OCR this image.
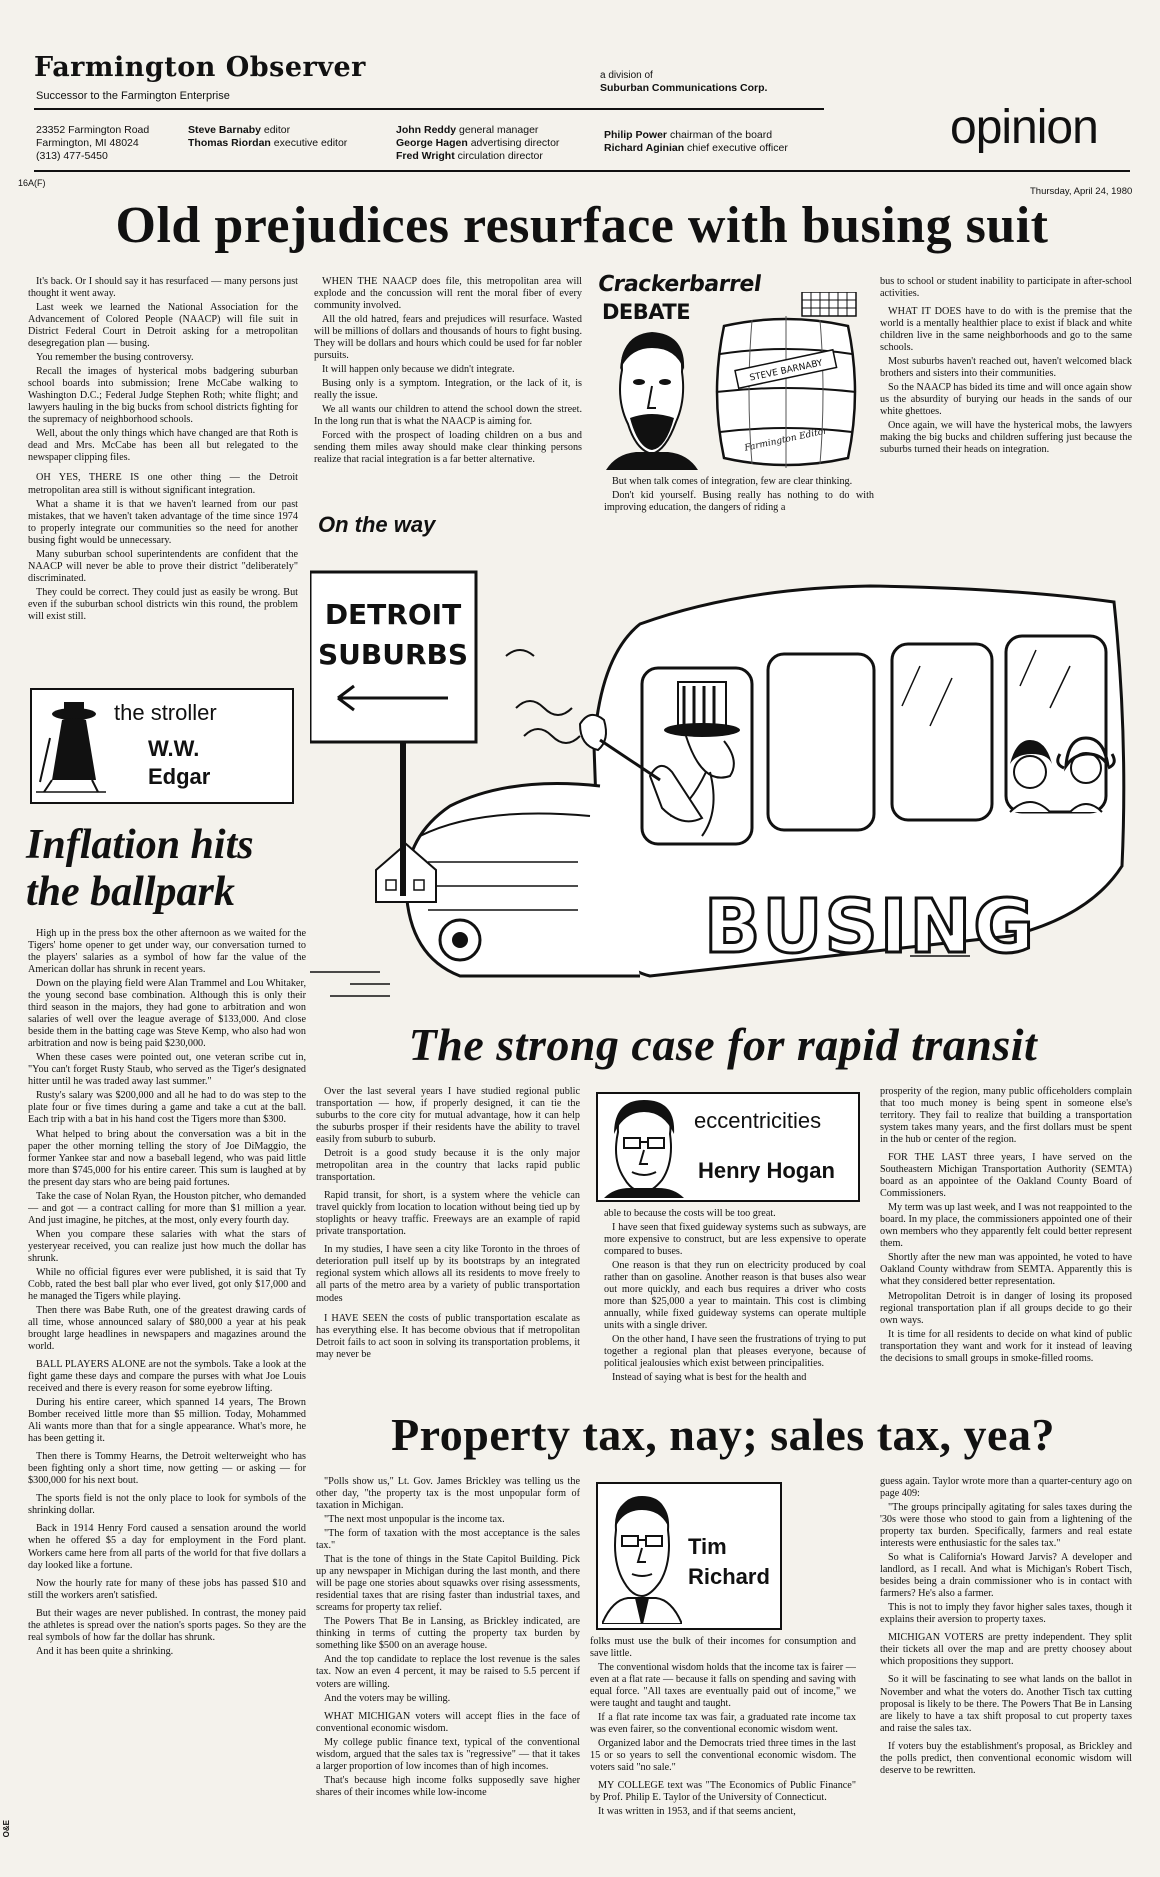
Farmington Observer
Successor to the Farmington Enterprise
a division of
Suburban Communications Corp.
23352 Farmington Road
Farmington, MI 48024
(313) 477-5450
Steve Barnaby editor
Thomas Riordan executive editor
John Reddy general manager
George Hagen advertising director
Fred Wright circulation director
Philip Power chairman of the board
Richard Aginian chief executive officer	opinion
16A(F)
Thursday, April 24, 1980
Old prejudices resurface with busing suit

It's back. Or I should say it has resurfaced — many persons just thought it went away.

Last week we learned the National Association for the Advancement of Colored People (NAACP) will file suit in District Federal Court in Detroit asking for a metropolitan desegregation plan — busing.

You remember the busing controversy.

Recall the images of hysterical mobs badgering suburban school boards into submission; Irene McCabe walking to Washington D.C.; Federal Judge Stephen Roth; white flight; and lawyers hauling in the big bucks from school districts fighting for the supremacy of neighborhood schools.

Well, about the only things which have changed are that Roth is dead and Mrs. McCabe has been all but relegated to the newspaper clipping files.

OH YES, THERE IS one other thing — the Detroit metropolitan area still is without significant integration.

What a shame it is that we haven't learned from our past mistakes, that we haven't taken advantage of the time since 1974 to properly integrate our communities so the need for another busing fight would be unnecessary.

Many suburban school superintendents are confident that the NAACP will never be able to prove their district "deliberately" discriminated.

They could be correct. They could just as easily be wrong. But even if the suburban school districts win this round, the problem will exist still.

WHEN THE NAACP does file, this metropolitan area will explode and the concussion will rent the moral fiber of every community involved.

All the old hatred, fears and prejudices will resurface. Wasted will be millions of dollars and thousands of hours to fight busing. They will be dollars and hours which could be used for far nobler pursuits.

It will happen only because we didn't integrate.

Busing only is a symptom. Integration, or the lack of it, is really the issue.

We all wants our children to attend the school down the street. In the long run that is what the NAACP is aiming for.

Forced with the prospect of loading children on a bus and sending them miles away should make clear thinking persons realize that racial integration is a far better alternative.

Crackerbarrel
DEBATE
STEVE BARNABY
Farmington Editor

But when talk comes of integration, few are clear thinking.

Don't kid yourself. Busing really has nothing to do with improving education, the dangers of riding a

bus to school or student inability to participate in after-school activities.

WHAT IT DOES have to do with is the premise that the world is a mentally healthier place to exist if black and white children live in the same neighborhoods and go to the same schools.

Most suburbs haven't reached out, haven't welcomed black brothers and sisters into their communities.

So the NAACP has bided its time and will once again show us the absurdity of burying our heads in the sands of our white ghettoes.

Once again, we will have the hysterical mobs, the lawyers making the big bucks and children suffering just because the suburbs turned their heads on integration.

On the way
DETROIT
SUBURBS
BUSING
the stroller
W.W.
Edgar
Inflation hits
the ballpark

High up in the press box the other afternoon as we waited for the Tigers' home opener to get under way, our conversation turned to the players' salaries as a symbol of how far the value of the American dollar has shrunk in recent years.

Down on the playing field were Alan Trammel and Lou Whitaker, the young second base combination. Although this is only their third season in the majors, they had gone to arbitration and won salaries of well over the league average of $133,000. And close beside them in the batting cage was Steve Kemp, who also had won arbitration and now is being paid $230,000.

When these cases were pointed out, one veteran scribe cut in, "You can't forget Rusty Staub, who served as the Tiger's designated hitter until he was traded away last summer."

Rusty's salary was $200,000 and all he had to do was step to the plate four or five times during a game and take a cut at the ball. Each trip with a bat in his hand cost the Tigers more than $300.

What helped to bring about the conversation was a bit in the paper the other morning telling the story of Joe DiMaggio, the former Yankee star and now a baseball legend, who was paid little more than $745,000 for his entire career. This sum is laughed at by the present day stars who are being paid fortunes.

Take the case of Nolan Ryan, the Houston pitcher, who demanded — and got — a contract calling for more than $1 million a year. And just imagine, he pitches, at the most, only every fourth day.

When you compare these salaries with what the stars of yesteryear received, you can realize just how much the dollar has shrunk.

While no official figures ever were published, it is said that Ty Cobb, rated the best ball plar who ever lived, got only $17,000 and he managed the Tigers while playing.

Then there was Babe Ruth, one of the greatest drawing cards of all time, whose announced salary of $80,000 a year at his peak brought large headlines in newspapers and magazines around the world.

BALL PLAYERS ALONE are not the symbols. Take a look at the fight game these days and compare the purses with what Joe Louis received and there is every reason for some eyebrow lifting.

During his entire career, which spanned 14 years, The Brown Bomber received little more than $5 million. Today, Mohammed Ali wants more than that for a single appearance. What's more, he has been getting it.

Then there is Tommy Hearns, the Detroit welterweight who has been fighting only a short time, now getting — or asking — for $300,000 for his next bout.

The sports field is not the only place to look for symbols of the shrinking dollar.

Back in 1914 Henry Ford caused a sensation around the world when he offered $5 a day for employment in the Ford plant. Workers came here from all parts of the world for that five dollars a day looked like a fortune.

Now the hourly rate for many of these jobs has passed $10 and still the workers aren't satisfied.

But their wages are never published. In contrast, the money paid the athletes is spread over the nation's sports pages. So they are the real symbols of how far the dollar has shrunk.

And it has been quite a shrinking.

O&E
The strong case for rapid transit

Over the last several years I have studied regional public transportation — how, if properly designed, it can tie the suburbs to the core city for mutual advantage, how it can help the suburbs prosper if their residents have the ability to travel easily from suburb to suburb.

Detroit is a good study because it is the only major metropolitan area in the country that lacks rapid public transportation.

Rapid transit, for short, is a system where the vehicle can travel quickly from location to location without being tied up by stoplights or heavy traffic. Freeways are an example of rapid private transportation.

In my studies, I have seen a city like Toronto in the throes of deterioration pull itself up by its bootstraps by an integrated regional system which allows all its residents to move freely to all parts of the metro area by a variety of public transportation modes

I HAVE SEEN the costs of public transportation escalate as has everything else. It has become obvious that if metropolitan Detroit fails to act soon in solving its transportation problems, it may never be

eccentricities
Henry Hogan

able to because the costs will be too great.

I have seen that fixed guideway systems such as subways, are more expensive to construct, but are less expensive to operate compared to buses.

One reason is that they run on electricity produced by coal rather than on gasoline. Another reason is that buses also wear out more quickly, and each bus requires a driver who costs more than $25,000 a year to maintain. This cost is climbing annually, while fixed guideway systems can operate multiple units with a single driver.

On the other hand, I have seen the frustrations of trying to put together a regional plan that pleases everyone, because of political jealousies which exist between principalities.

Instead of saying what is best for the health and

prosperity of the region, many public officeholders complain that too much money is being spent in someone else's territory. They fail to realize that building a transportation system takes many years, and the first dollars must be spent in the hub or center of the region.

FOR THE LAST three years, I have served on the Southeastern Michigan Transportation Authority (SEMTA) board as an appointee of the Oakland County Board of Commissioners.

My term was up last week, and I was not reappointed to the board. In my place, the commissioners appointed one of their own members who they apparently felt could better represent them.

Shortly after the new man was appointed, he voted to have Oakland County withdraw from SEMTA. Apparently this is what they considered better representation.

Metropolitan Detroit is in danger of losing its proposed regional transportation plan if all groups decide to go their own ways.

It is time for all residents to decide on what kind of public transportation they want and work for it instead of leaving the decisions to small groups in smoke-filled rooms.

Property tax, nay; sales tax, yea?

"Polls show us," Lt. Gov. James Brickley was telling us the other day, "the property tax is the most unpopular form of taxation in Michigan.

"The next most unpopular is the income tax.

"The form of taxation with the most acceptance is the sales tax."

That is the tone of things in the State Capitol Building. Pick up any newspaper in Michigan during the last month, and there will be page one stories about squawks over rising assessments, residential taxes that are rising faster than industrial taxes, and screams for property tax relief.

The Powers That Be in Lansing, as Brickley indicated, are thinking in terms of cutting the property tax burden by something like $500 on an average house.

And the top candidate to replace the lost revenue is the sales tax. Now an even 4 percent, it may be raised to 5.5 percent if voters are willing.

And the voters may be willing.

WHAT MICHIGAN voters will accept flies in the face of conventional economic wisdom.

My college public finance text, typical of the conventional wisdom, argued that the sales tax is "regressive" — that it takes a larger proportion of low incomes than of high incomes.

That's because high income folks supposedly save higher shares of their incomes while low-income

Tim
Richard

folks must use the bulk of their incomes for consumption and save little.

The conventional wisdom holds that the income tax is fairer — even at a flat rate — because it falls on spending and saving with equal force. "All taxes are eventually paid out of income," we were taught and taught and taught.

If a flat rate income tax was fair, a graduated rate income tax was even fairer, so the conventional economic wisdom went.

Organized labor and the Democrats tried three times in the last 15 or so years to sell the conventional economic wisdom. The voters said "no sale."

MY COLLEGE text was "The Economics of Public Finance" by Prof. Philip E. Taylor of the University of Connecticut.

It was written in 1953, and if that seems ancient,

guess again. Taylor wrote more than a quarter-century ago on page 409:

"The groups principally agitating for sales taxes during the '30s were those who stood to gain from a lightening of the property tax burden. Specifically, farmers and real estate interests were enthusiastic for the sales tax."

So what is California's Howard Jarvis? A developer and landlord, as I recall. And what is Michigan's Robert Tisch, besides being a drain commissioner who is in contact with farmers? He's also a farmer.

This is not to imply they favor higher sales taxes, though it explains their aversion to property taxes.

MICHIGAN VOTERS are pretty independent. They split their tickets all over the map and are pretty choosey about which propositions they support.

So it will be fascinating to see what lands on the ballot in November and what the voters do. Another Tisch tax cutting proposal is likely to be there. The Powers That Be in Lansing are likely to have a tax shift proposal to cut property taxes and raise the sales tax.

If voters buy the establishment's proposal, as Brickley and the polls predict, then conventional economic wisdom will deserve to be rewritten.
